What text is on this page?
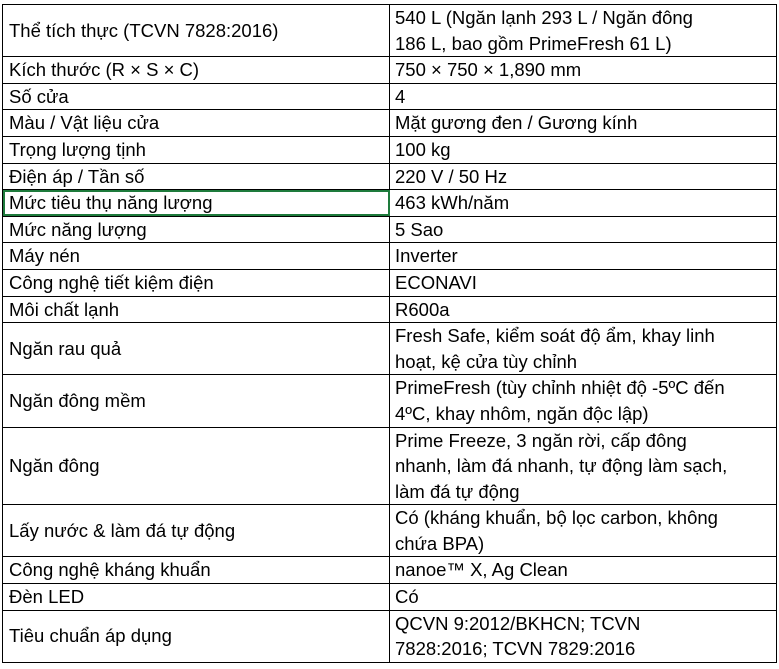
Thể tích thực (TCVN 7828:2016)	540 L (Ngăn lạnh 293 L / Ngăn đông
186 L, bao gồm PrimeFresh 61 L)
Kích thước (R × S × C)	750 × 750 × 1,890 mm
Số cửa	4
Màu / Vật liệu cửa	Mặt gương đen / Gương kính
Trọng lượng tịnh	100 kg
Điện áp / Tần số	220 V / 50 Hz
Mức tiêu thụ năng lượng	463 kWh/năm
Mức năng lượng	5 Sao
Máy nén	Inverter
Công nghệ tiết kiệm điện	ECONAVI
Môi chất lạnh	R600a
Ngăn rau quả	Fresh Safe, kiểm soát độ ẩm, khay linh
hoạt, kệ cửa tùy chỉnh
Ngăn đông mềm	PrimeFresh (tùy chỉnh nhiệt độ -5ºC đến
4ºC, khay nhôm, ngăn độc lập)
Ngăn đông	Prime Freeze, 3 ngăn rời, cấp đông
nhanh, làm đá nhanh, tự động làm sạch,
làm đá tự động
Lấy nước & làm đá tự động	Có (kháng khuẩn, bộ lọc carbon, không
chứa BPA)
Công nghệ kháng khuẩn	nanoe™ X, Ag Clean
Đèn LED	Có
Tiêu chuẩn áp dụng	QCVN 9:2012/BKHCN; TCVN
7828:2016; TCVN 7829:2016
